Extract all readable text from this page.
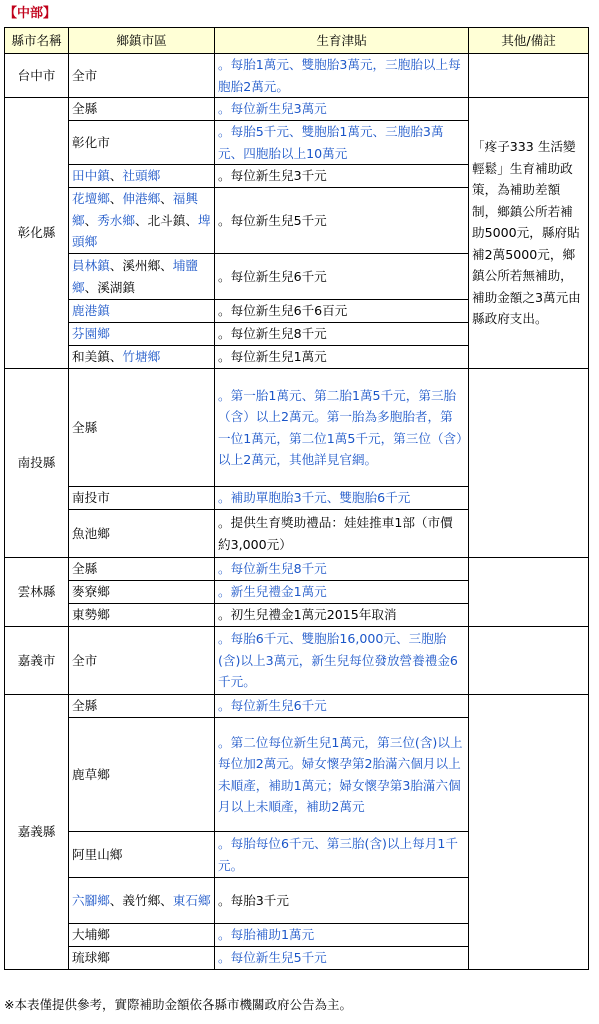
【中部】
縣市名稱	鄉鎮市區	生育津貼	其他/備註
台中市	全市	。每胎1萬元、雙胞胎3萬元，三胞胎以上每胞胎2萬元。	
彰化縣	全縣	。每位新生兒3萬元	「疼子333 生活變輕鬆」生育補助政策，為補助差額制，鄉鎮公所若補助5000元，縣府貼補2萬5000元，鄉鎮公所若無補助，補助金額之3萬元由縣政府支出。
	彰化市	。每胎5千元、雙胞胎1萬元、三胞胎3萬元、四胞胎以上10萬元	
	田中鎮、社頭鄉	。每位新生兒3千元	
	花壇鄉、伸港鄉、福興鄉、秀水鄉、北斗鎮、埤頭鄉	。每位新生兒5千元	
	員林鎮、溪州鄉、埔鹽鄉、溪湖鎮	。每位新生兒6千元	
	鹿港鎮	。每位新生兒6千6百元	
	芬園鄉	。每位新生兒8千元	
	和美鎮、竹塘鄉	。每位新生兒1萬元	
南投縣	全縣	。第一胎1萬元、第二胎1萬5千元，第三胎（含）以上2萬元。第一胎為多胞胎者，第一位1萬元，第二位1萬5千元，第三位（含）以上2萬元，其他詳見官網。	
	南投市	。補助單胞胎3千元、雙胞胎6千元	
	魚池鄉	。提供生育獎助禮品：娃娃推車1部（市價約3,000元）	
雲林縣	全縣	。每位新生兒8千元	
	麥寮鄉	。新生兒禮金1萬元	
	東勢鄉	。初生兒禮金1萬元2015年取消	
嘉義市	全市	。每胎6千元、雙胞胎16,000元、三胞胎(含)以上3萬元，新生兒每位發放營養禮金6千元。	
嘉義縣	全縣	。每位新生兒6千元	
	鹿草鄉	。第二位每位新生兒1萬元，第三位(含)以上每位加2萬元。婦女懷孕第2胎滿六個月以上未順產，補助1萬元；婦女懷孕第3胎滿六個月以上未順產，補助2萬元	
	阿里山鄉	。每胎每位6千元、第三胎(含)以上每月1千元。	
	六腳鄉、義竹鄉、東石鄉	。每胎3千元	
	大埔鄉	。每胎補助1萬元	
	琉球鄉	。每位新生兒5千元	
※本表僅提供參考，實際補助金額依各縣市機關政府公告為主。
